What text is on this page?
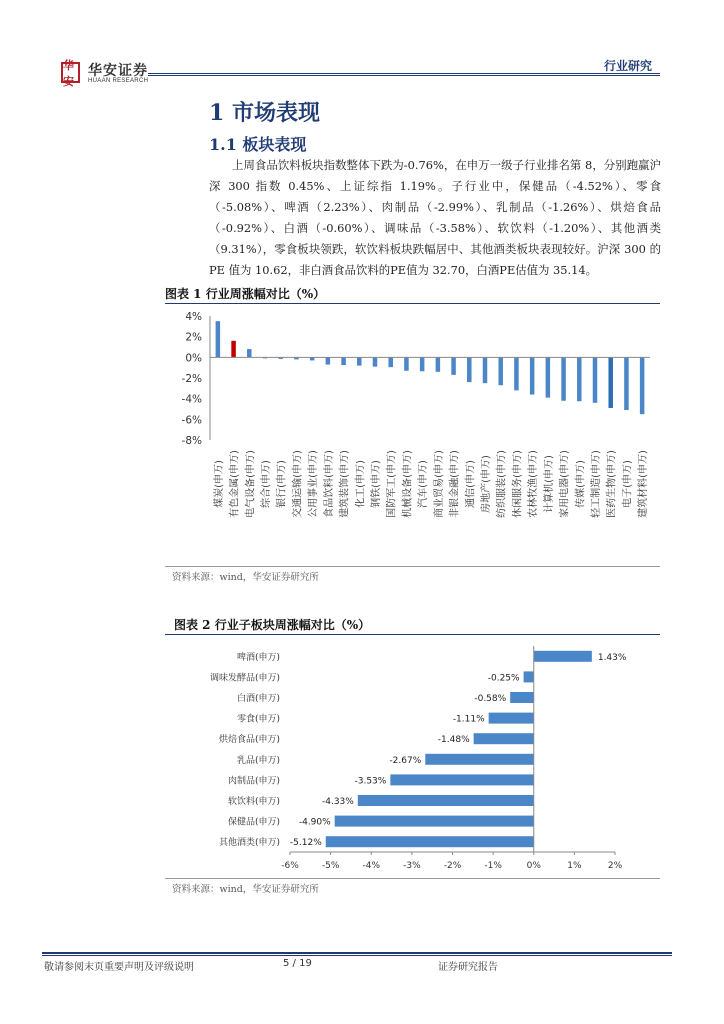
华安
华安证券
HUAAN RESEARCH
行业研究
1 市场表现
1.1 板块表现
上周食品饮料板块指数整体下跌为-0.76%，在申万一级子行业排名第 8，分别跑赢沪深 300 指数 0.45%、上证综指 1.19%。子行业中，保健品（-4.52%）、零食（-5.08%）、啤酒（2.23%）、肉制品（-2.99%）、乳制品（-1.26%）、烘焙食品（-0.92%）、白酒（-0.60%）、调味品（-3.58%）、软饮料（-1.20%）、其他酒类（9.31%），零食板块领跌，软饮料板块跌幅居中、其他酒类板块表现较好。沪深 300 的 PE 值为 10.62，非白酒食品饮料的PE值为 32.70，白酒PE估值为 35.14。
图表 1 行业周涨幅对比（%）
4%
2%
0%
-2%
-4%
-6%
-8%
煤炭(申万) 有色金属(申万) 电气设备(申万) 综合(申万) 银行(申万) 交通运输(申万) 公用事业(申万) 食品饮料(申万) 建筑装饰(申万) 化工(申万) 钢铁(申万) 国防军工(申万) 机械设备(申万) 汽车(申万) 商业贸易(申万) 非银金融(申万) 通信(申万) 房地产(申万) 纺织服装(申万) 休闲服务(申万) 农林牧渔(申万) 计算机(申万) 家用电器(申万) 传媒(申万) 轻工制造(申万) 医药生物(申万) 电子(申万) 建筑材料(申万)
资料来源：wind，华安证券研究所
图表 2 行业子板块周涨幅对比（%）
啤酒(申万)	1.43%
调味发酵品(申万)	-0.25%
白酒(申万)	-0.58%
零食(申万)	-1.11%
烘焙食品(申万)	-1.48%
乳品(申万)	-2.67%
肉制品(申万)	-3.53%
软饮料(申万)	-4.33%
保健品(申万) -4.90%
其他酒类(申万) -5.12%
-6%	-5%	-4%	-3%	-2%	-1%	0%	1%	2%
资料来源：wind，华安证券研究所
敬请参阅末页重要声明及评级说明	5 / 19	证券研究报告
